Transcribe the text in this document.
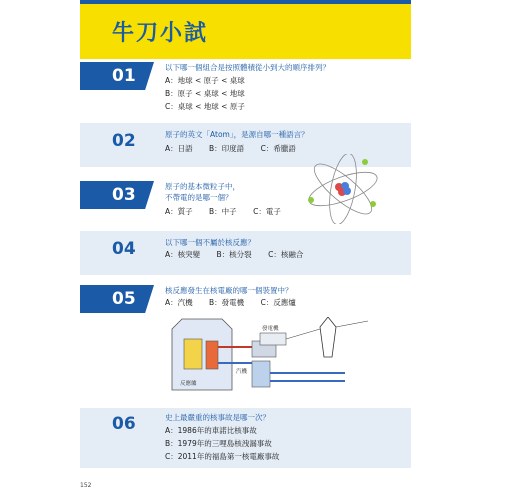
牛刀小試
01	以下哪一個組合是按照體積從小到大的順序排列？
A：地球 < 原子 < 桌球
B：原子 < 桌球 < 地球
C：桌球 < 地球 < 原子
02	原子的英文「Atom」，是源自哪一種語言？
A：日語 B：印度語 C：希臘語
03	原子的基本微粒子中，
不帶電的是哪一個？
A：質子 B：中子 C：電子
04	以下哪一個不屬於核反應？
A：核突變 B：核分裂 C：核融合
05	核反應發生在核電廠的哪一個裝置中？
A：汽機 B：發電機 C：反應爐
發電機
汽機
反應爐
06	史上最嚴重的核事故是哪一次？
A：1986年的車諾比核事故
B：1979年的三哩島核洩漏事故
C：2011年的福島第一核電廠事故
152
